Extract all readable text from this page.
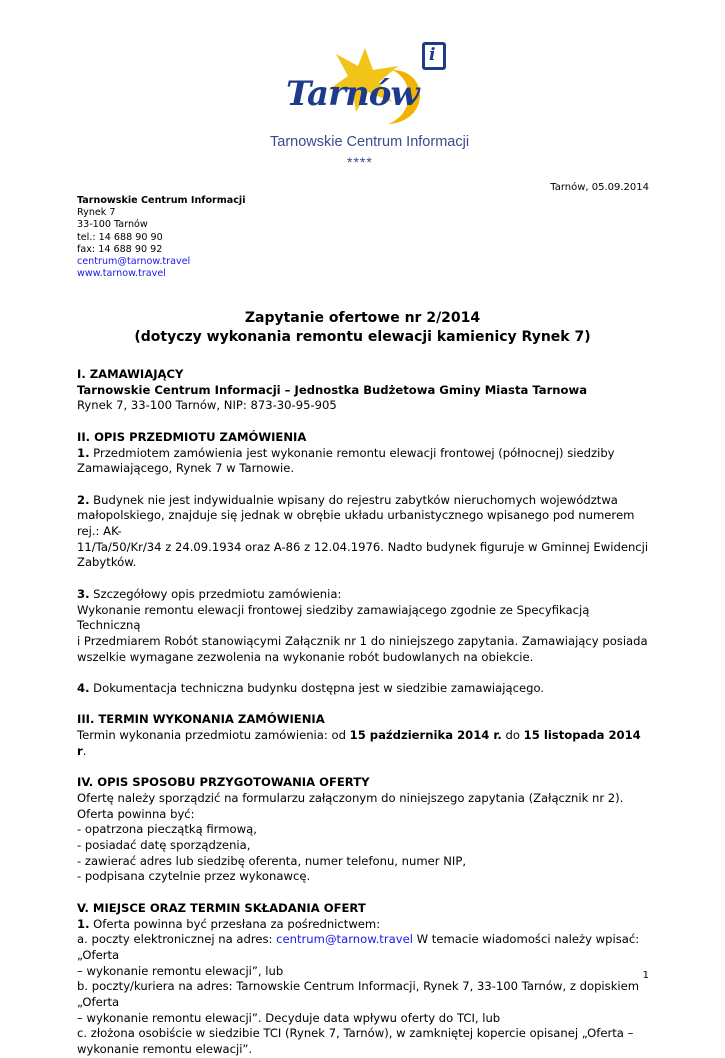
i
Tarnów
Tarnowskie Centrum Informacji
****
Tarnów, 05.09.2014
Tarnowskie Centrum Informacji
Rynek 7
33-100 Tarnów
tel.: 14 688 90 90
fax: 14 688 90 92
centrum@tarnow.travel
www.tarnow.travel
Zapytanie ofertowe nr 2/2014
(dotyczy wykonania remontu elewacji kamienicy Rynek 7)

I. ZAMAWIAJĄCY

Tarnowskie Centrum Informacji – Jednostka Budżetowa Gminy Miasta Tarnowa

Rynek 7, 33-100 Tarnów, NIP: 873-30-95-905

II. OPIS PRZEDMIOTU ZAMÓWIENIA

1. Przedmiotem zamówienia jest wykonanie remontu elewacji frontowej (północnej) siedziby

Zamawiającego, Rynek 7 w Tarnowie.

2. Budynek nie jest indywidualnie wpisany do rejestru zabytków nieruchomych województwa

małopolskiego, znajduje się jednak w obrębie układu urbanistycznego wpisanego pod numerem rej.: AK-

11/Ta/50/Kr/34 z 24.09.1934 oraz A-86 z 12.04.1976. Nadto budynek figuruje w Gminnej Ewidencji

Zabytków.

3. Szczegółowy opis przedmiotu zamówienia:

Wykonanie remontu elewacji frontowej siedziby zamawiającego zgodnie ze Specyfikacją Techniczną

i Przedmiarem Robót stanowiącymi Załącznik nr 1 do niniejszego zapytania. Zamawiający posiada

wszelkie wymagane zezwolenia na wykonanie robót budowlanych na obiekcie.

4. Dokumentacja techniczna budynku dostępna jest w siedzibie zamawiającego.

III. TERMIN WYKONANIA ZAMÓWIENIA

Termin wykonania przedmiotu zamówienia: od 15 października 2014 r. do 15 listopada 2014 r.

IV. OPIS SPOSOBU PRZYGOTOWANIA OFERTY

Ofertę należy sporządzić na formularzu załączonym do niniejszego zapytania (Załącznik nr 2).

Oferta powinna być:

- opatrzona pieczątką firmową,

- posiadać datę sporządzenia,

- zawierać adres lub siedzibę oferenta, numer telefonu, numer NIP,

- podpisana czytelnie przez wykonawcę.

V. MIEJSCE ORAZ TERMIN SKŁADANIA OFERT

1. Oferta powinna być przesłana za pośrednictwem:

a. poczty elektronicznej na adres: centrum@tarnow.travel W temacie wiadomości należy wpisać: „Oferta

– wykonanie remontu elewacji”, lub

b. poczty/kuriera na adres: Tarnowskie Centrum Informacji, Rynek 7, 33-100 Tarnów, z dopiskiem „Oferta

– wykonanie remontu elewacji”. Decyduje data wpływu oferty do TCI, lub

c. złożona osobiście w siedzibie TCI (Rynek 7, Tarnów), w zamkniętej kopercie opisanej „Oferta –

wykonanie remontu elewacji”.

1
